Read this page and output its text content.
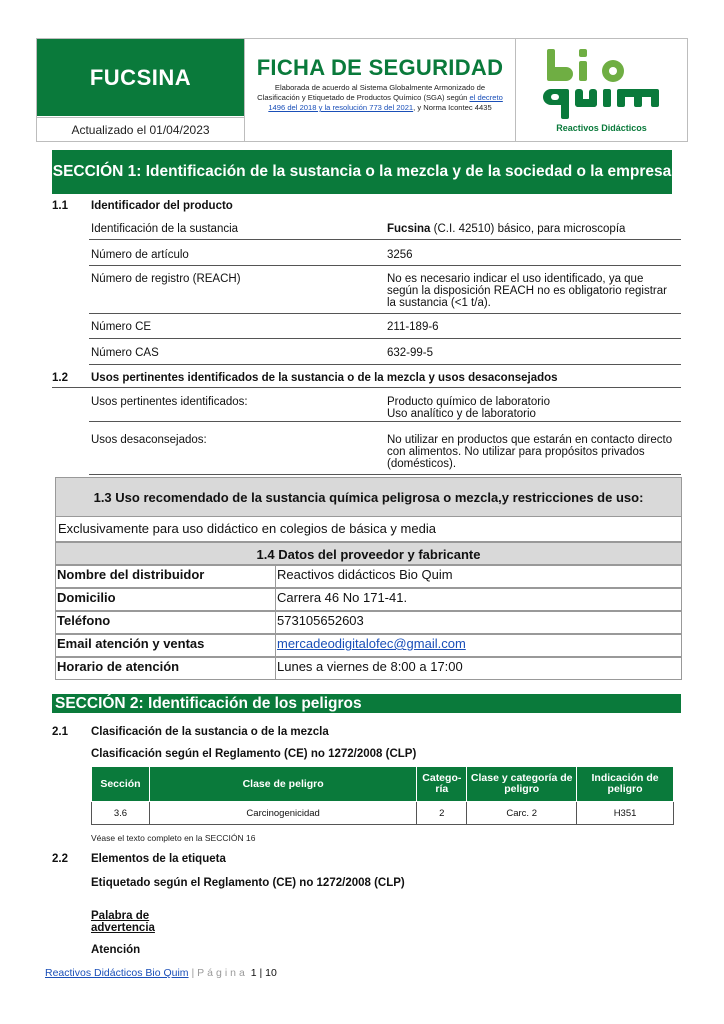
FUCSINA
Actualizado el 01/04/2023
FICHA DE SEGURIDAD
Elaborada de acuerdo al Sistema Globalmente Armonizado de Clasificación y Etiquetado de Productos Químico (SGA) según el decreto 1496 del 2018 y la resolución 773 del 2021, y Norma Icontec 4435
Reactivos Didácticos
SECCIÓN 1: Identificación de la sustancia o la mezcla y de la sociedad o la empresa
1.1 Identificador del producto
Identificación de la sustancia	Fucsina (C.I. 42510) básico, para microscopía
Número de artículo	3256
Número de registro (REACH)	No es necesario indicar el uso identificado, ya que según la disposición REACH no es obligatorio registrar la sustancia (<1 t/a).
Número CE	211-189-6
Número CAS	632-99-5
1.2 Usos pertinentes identificados de la sustancia o de la mezcla y usos desaconsejados
Usos pertinentes identificados:	Producto químico de laboratorio
Uso analítico y de laboratorio
Usos desaconsejados:	No utilizar en productos que estarán en contacto directo con alimentos. No utilizar para propósitos privados (domésticos).
1.3 Uso recomendado de la sustancia química peligrosa o mezcla,y restricciones de uso:
Exclusivamente para uso didáctico en colegios de básica y media
1.4 Datos del proveedor y fabricante
Nombre del distribuidor	Reactivos didácticos Bio Quim
Domicilio	Carrera 46 No 171-41.
Teléfono	573105652603
Email atención y ventas	mercadeodigitalofec@gmail.com
Horario de atención	Lunes a viernes de 8:00 a 17:00
SECCIÓN 2: Identificación de los peligros
2.1 Clasificación de la sustancia o de la mezcla
Clasificación según el Reglamento (CE) no 1272/2008 (CLP)
Sección	Clase de peligro	Catego-ría	Clase y categoría de peligro	Indicación de peligro
3.6	Carcinogenicidad	2	Carc. 2	H351
Véase el texto completo en la SECCIÓN 16
2.2 Elementos de la etiqueta
Etiquetado según el Reglamento (CE) no 1272/2008 (CLP)
Palabra de
advertencia
Atención
Reactivos Didácticos Bio Quim | Página 1 | 10
